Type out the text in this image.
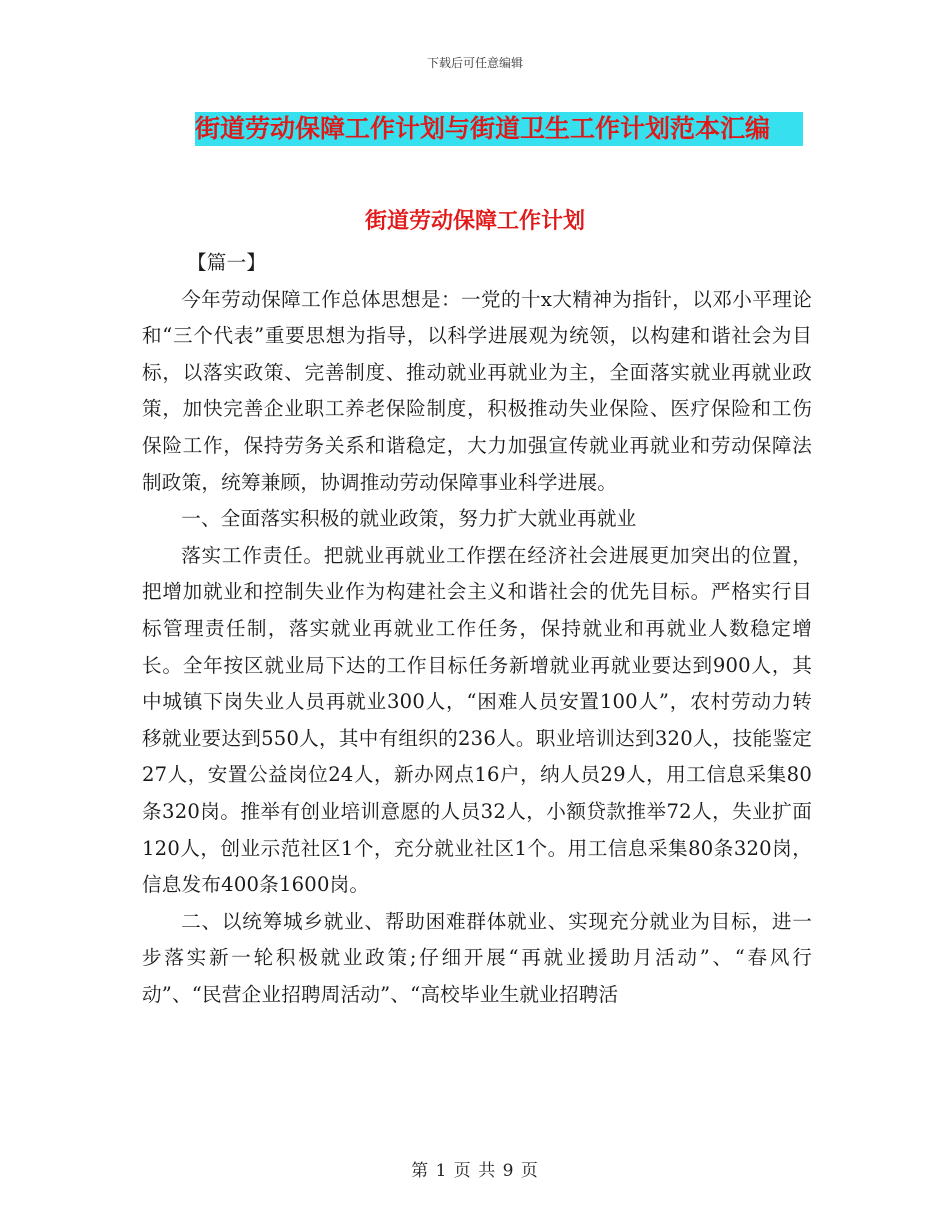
下载后可任意编辑
街道劳动保障工作计划与街道卫生工作计划范本汇编
街道劳动保障工作计划

【篇一】

今年劳动保障工作总体思想是：一党的十x大精神为指针，以邓小平理论和“三个代表”重要思想为指导，以科学进展观为统领，以构建和谐社会为目标，以落实政策、完善制度、推动就业再就业为主，全面落实就业再就业政策，加快完善企业职工养老保险制度，积极推动失业保险、医疗保险和工伤保险工作，保持劳务关系和谐稳定，大力加强宣传就业再就业和劳动保障法制政策，统筹兼顾，协调推动劳动保障事业科学进展。

一、全面落实积极的就业政策，努力扩大就业再就业

落实工作责任。把就业再就业工作摆在经济社会进展更加突出的位置，把增加就业和控制失业作为构建社会主义和谐社会的优先目标。严格实行目标管理责任制，落实就业再就业工作任务，保持就业和再就业人数稳定增长。全年按区就业局下达的工作目标任务新增就业再就业要达到900人，其中城镇下岗失业人员再就业300人，“困难人员安置100人”，农村劳动力转移就业要达到550人，其中有组织的236人。职业培训达到320人，技能鉴定27人，安置公益岗位24人，新办网点16户，纳人员29人，用工信息采集80条320岗。推举有创业培训意愿的人员32人，小额贷款推举72人，失业扩面120人，创业示范社区1个，充分就业社区1个。用工信息采集80条320岗，信息发布400条1600岗。

二、以统筹城乡就业、帮助困难群体就业、实现充分就业为目标，进一步落实新一轮积极就业政策;仔细开展“再就业援助月活动”、“春风行动”、“民营企业招聘周活动”、“高校毕业生就业招聘活

第 1 页 共 9 页
